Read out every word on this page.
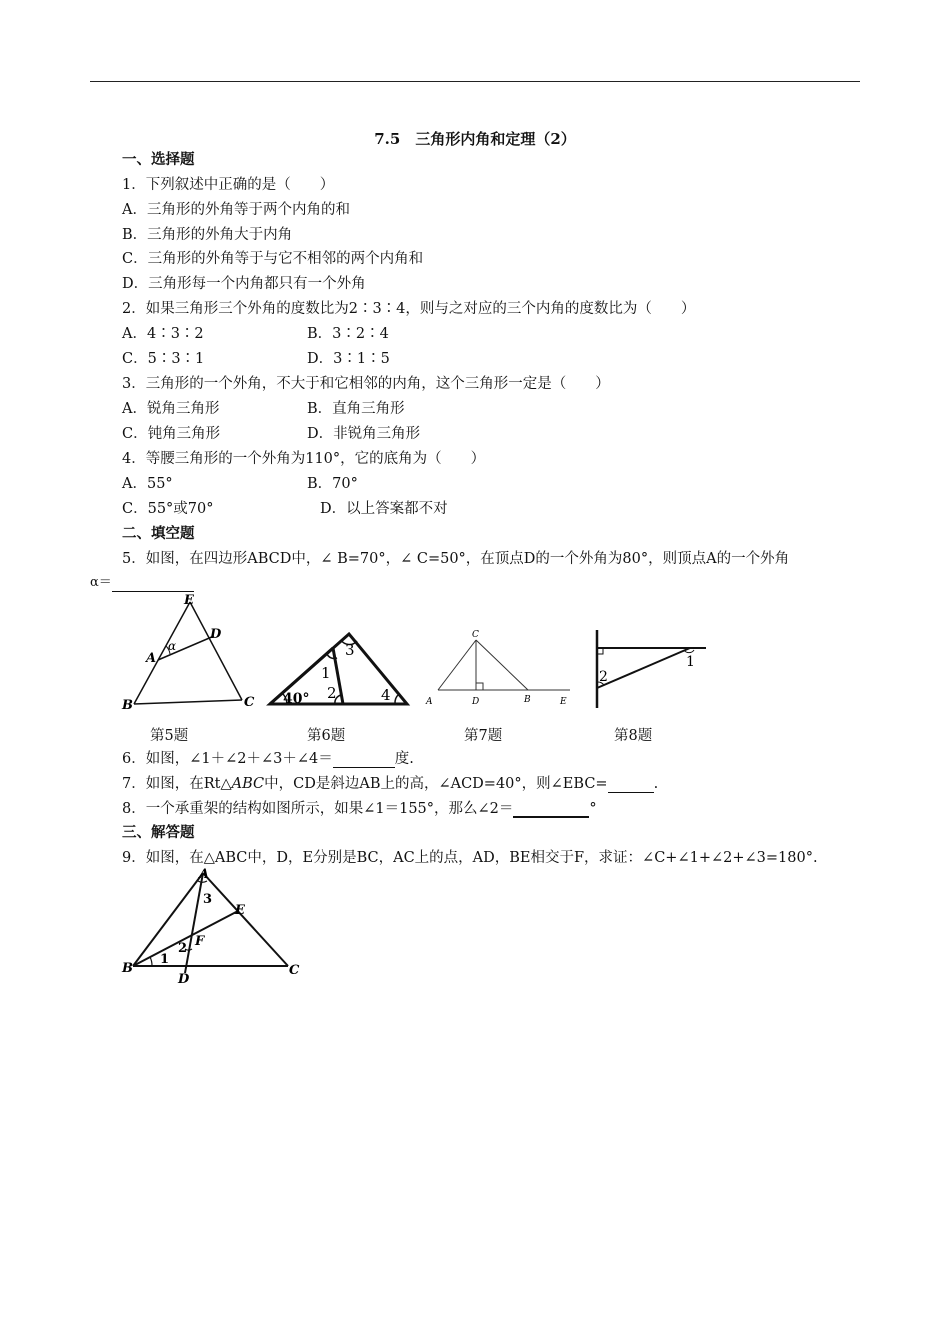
7.5　三角形内角和定理（2）
一、选择题
1．下列叙述中正确的是（　　）
A．三角形的外角等于两个内角的和
B．三角形的外角大于内角
C．三角形的外角等于与它不相邻的两个内角和
D．三角形每一个内角都只有一个外角
2．如果三角形三个外角的度数比为2∶3∶4，则与之对应的三个内角的度数比为（　　）
A．4∶3∶2	B．3∶2∶4
C．5∶3∶1	D．3∶1∶5
3．三角形的一个外角，不大于和它相邻的内角，这个三角形一定是（　　）
A．锐角三角形	B．直角三角形
C．钝角三角形	D．非锐角三角形
4．等腰三角形的一个外角为110°，它的底角为（　　）
A．55°	B．70°
C．55°或70°	D．以上答案都不对
二、填空题
5．如图，在四边形ABCD中，∠ B=70°，∠ C=50°，在顶点D的一个外角为80°，则顶点A的一个外角
α＝
E
D
A
α
B	C 40°
1
2
3
4
C
A	D	B	E
1
2
第5题	第6题	第7题	第8题
6．如图，∠1＋∠2＋∠3＋∠4＝	度.
7．如图，在Rt△ABC中，CD是斜边AB上的高，∠ACD=40°，则∠EBC=	.
8．一个承重架的结构如图所示，如果∠1＝155°，那么∠2＝	°
三、解答题
9．如图，在△ABC中，D，E分别是BC，AC上的点，AD，BE相交于F，求证：∠C+∠1+∠2+∠3=180°.
A
E
F
B
D
C
1
2
3
